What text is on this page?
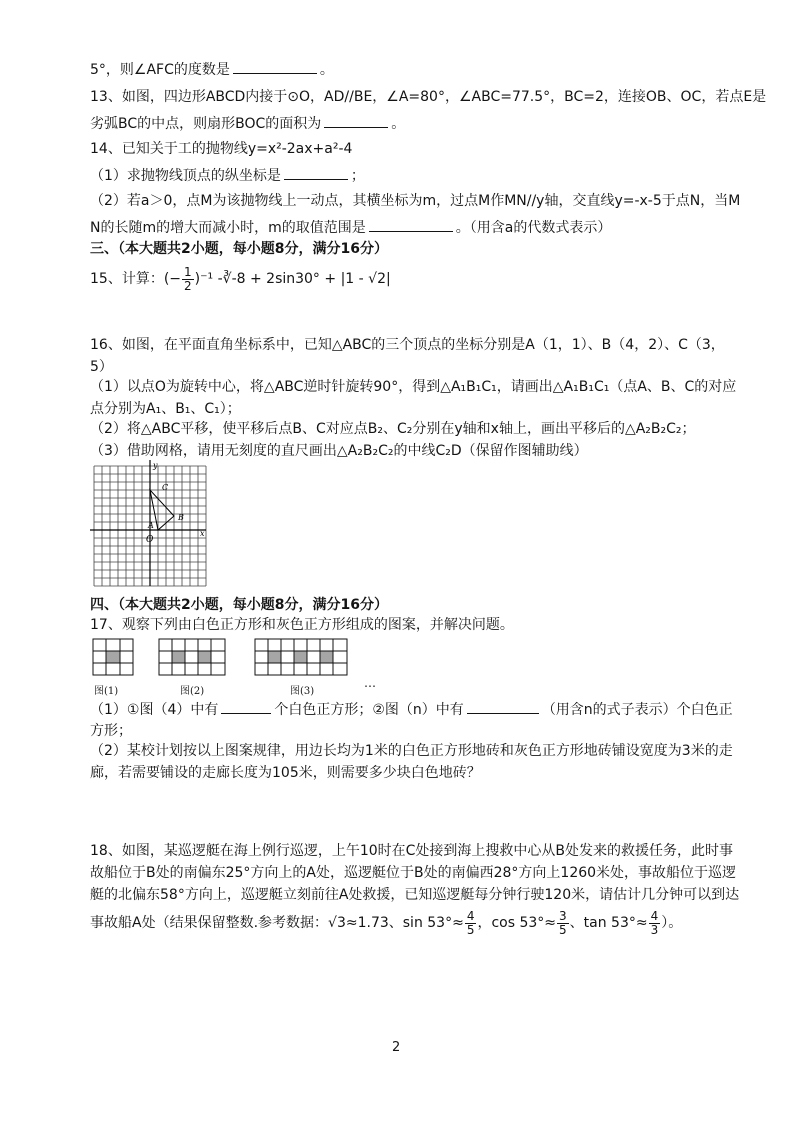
5°，则∠AFC的度数是	。
13、如图，四边形ABCD内接于⊙O，AD//BE，∠A=80°，∠ABC=77.5°，BC=2，连接OB、OC，若点E是
劣弧BC的中点，则扇形BOC的面积为	。
14、已知关于工的抛物线y=x²-2ax+a²-4
（1）求抛物线顶点的纵坐标是	；
（2）若a＞0，点M为该抛物线上一动点，其横坐标为m，过点M作MN//y轴，交直线y=-x-5于点N，当M
N的长随m的增大而减小时，m的取值范围是	。（用含a的代数式表示）
三、（本大题共2小题，每小题8分，满分16分）
15、计算：(− $\frac{1}{2} )^{-1}$ -∛-8 + 2sin30° + |1 - √2|
16、如图，在平面直角坐标系中，已知△ABC的三个顶点的坐标分别是A（1，1）、B（4，2）、C（3，
5）
（1）以点O为旋转中心，将△ABC逆时针旋转90°，得到△A₁B₁C₁，请画出△A₁B₁C₁（点A、B、C的对应
点分别为A₁、B₁、C₁）；
（2）将△ABC平移，使平移后点B、C对应点B₂、C₂分别在y轴和x轴上，画出平移后的△A₂B₂C₂；
（3）借助网格，请用无刻度的直尺画出△A₂B₂C₂的中线C₂D（保留作图辅助线）
y
x
O
C
B
A
四、（本大题共2小题，每小题8分，满分16分）
17、观察下列由白色正方形和灰色正方形组成的图案，并解决问题。
图(1)	图(2)	图(3)
…
（1）①图（4）中有	个白色正方形；②图（n）中有	（用含n的式子表示）个白色正
方形；
（2）某校计划按以上图案规律，用边长均为1米的白色正方形地砖和灰色正方形地砖铺设宽度为3米的走
廊，若需要铺设的走廊长度为105米，则需要多少块白色地砖？
18、如图，某巡逻艇在海上例行巡逻，上午10时在C处接到海上搜救中心从B处发来的救援任务，此时事
故船位于B处的南偏东25°方向上的A处，巡逻艇位于B处的南偏西28°方向上1260米处，事故船位于巡逻
艇的北偏东58°方向上，巡逻艇立刻前往A处救援，已知巡逻艇每分钟行驶120米，请估计几分钟可以到达
事故船A处（结果保留整数.参考数据：√3≈1.73、$\sin 53^\circ\approx \frac{4}{5}$ ，$\cos 53^\circ\approx \frac{3}{5}$ 、$\tan 53^\circ\approx \frac{4}{3}$ ）。
2
